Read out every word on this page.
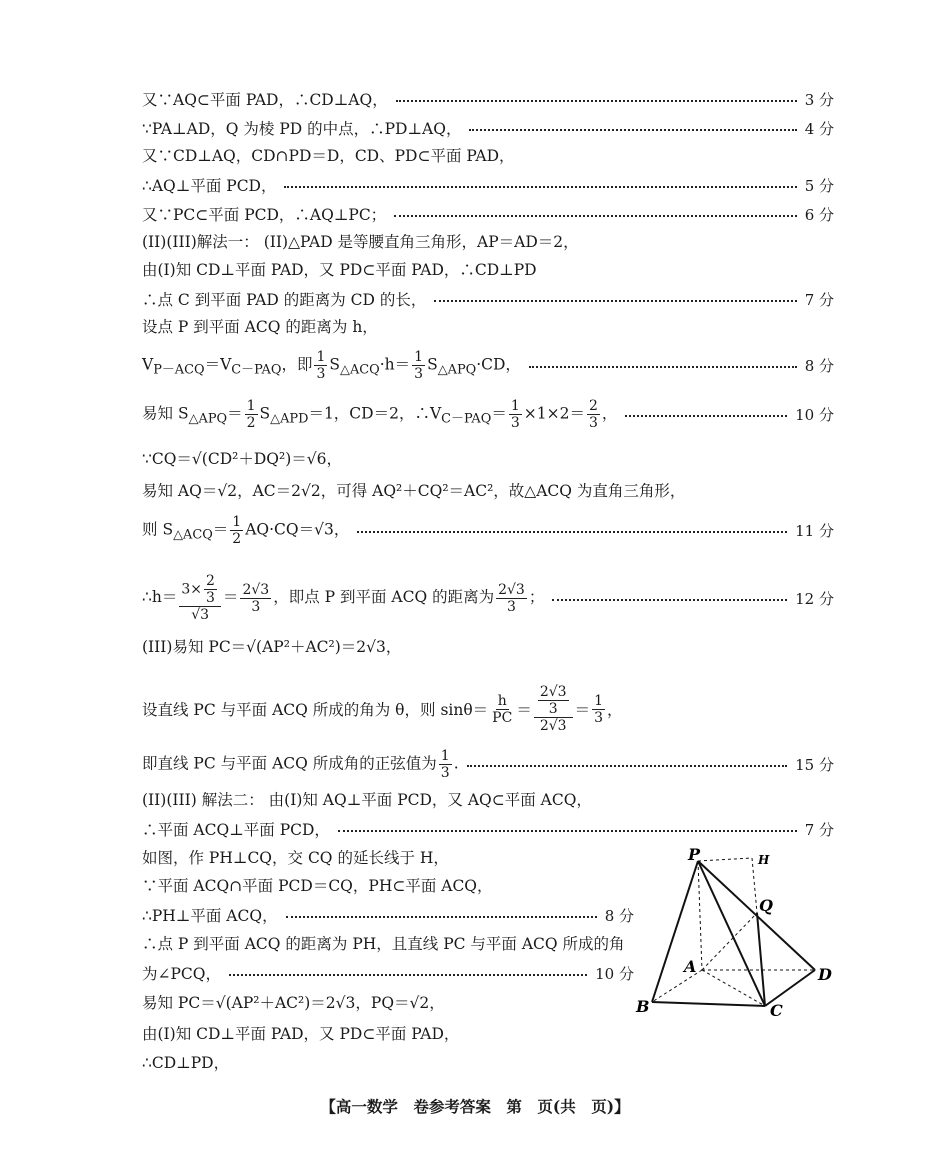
又∵AQ⊂平面 PAD，∴CD⊥AQ，	3 分
∵PA⊥AD，Q 为棱 PD 的中点，∴PD⊥AQ，	4 分
又∵CD⊥AQ，CD∩PD＝D，CD、PD⊂平面 PAD，
∴AQ⊥平面 PCD，	5 分
又∵PC⊂平面 PCD，∴AQ⊥PC；	6 分
(II)(III)解法一： (II)△PAD 是等腰直角三角形，AP＝AD＝2，
由(I)知 CD⊥平面 PAD，又 PD⊂平面 PAD，∴CD⊥PD
∴点 C 到平面 PAD 的距离为 CD 的长，	7 分
设点 P 到平面 ACQ 的距离为 h，
$V_{P-ACQ}=V_{C-PAQ}$，即 $\frac{1}{3} S_{\triangle ACQ}\cdot h= \frac{1}{3} S_{\triangle APQ}\cdot CD$，	8 分
易知 $S_{\triangle APQ}= \frac{1}{2} S_{\triangle APD}=1$，CD＝2，$\therefore V_{C-PAQ}= \frac{1}{3} \times 1\times 2= \frac{2}{3}$ ，	10 分
∵CQ＝√(CD²＋DQ²)＝√6，
易知 AQ＝√2，AC＝2√2，可得 AQ²＋CQ²＝AC²，故△ACQ 为直角三角形，
则 $S_{\triangle ACQ}= \frac{1}{2} AQ\cdot CQ=√3$，	11 分
∴h＝ $\frac{3\times \frac{2}{3}}{√3} = \frac{2√3}{3}$ ，即点 P 到平面 ACQ 的距离为 $\frac{2√3}{3}$ ；	12 分
(III)易知 PC＝√(AP²＋AC²)＝2√3，
设直线 PC 与平面 ACQ 所成的角为 θ，则 $\sin\theta= \frac{h}{PC} = \frac{\frac{2√3}{3}}{2√3} = \frac{1}{3}$ ，
即直线 PC 与平面 ACQ 所成角的正弦值为 $\frac{1}{3}$ .	15 分
(II)(III) 解法二： 由(I)知 AQ⊥平面 PCD，又 AQ⊂平面 ACQ，
∴平面 ACQ⊥平面 PCD，	7 分
如图，作 PH⊥CQ，交 CQ 的延长线于 H，
∵平面 ACQ∩平面 PCD＝CQ，PH⊂平面 ACQ，
∴PH⊥平面 ACQ，	8 分
∴点 P 到平面 ACQ 的距离为 PH，且直线 PC 与平面 ACQ 所成的角
为∠PCQ，	10 分
易知 PC＝√(AP²＋AC²)＝2√3，PQ＝√2，
由(I)知 CD⊥平面 PAD，又 PD⊂平面 PAD，
∴CD⊥PD，
P	H
Q
A	D
B	C
【高一数学　卷参考答案　第　页(共　页)】
